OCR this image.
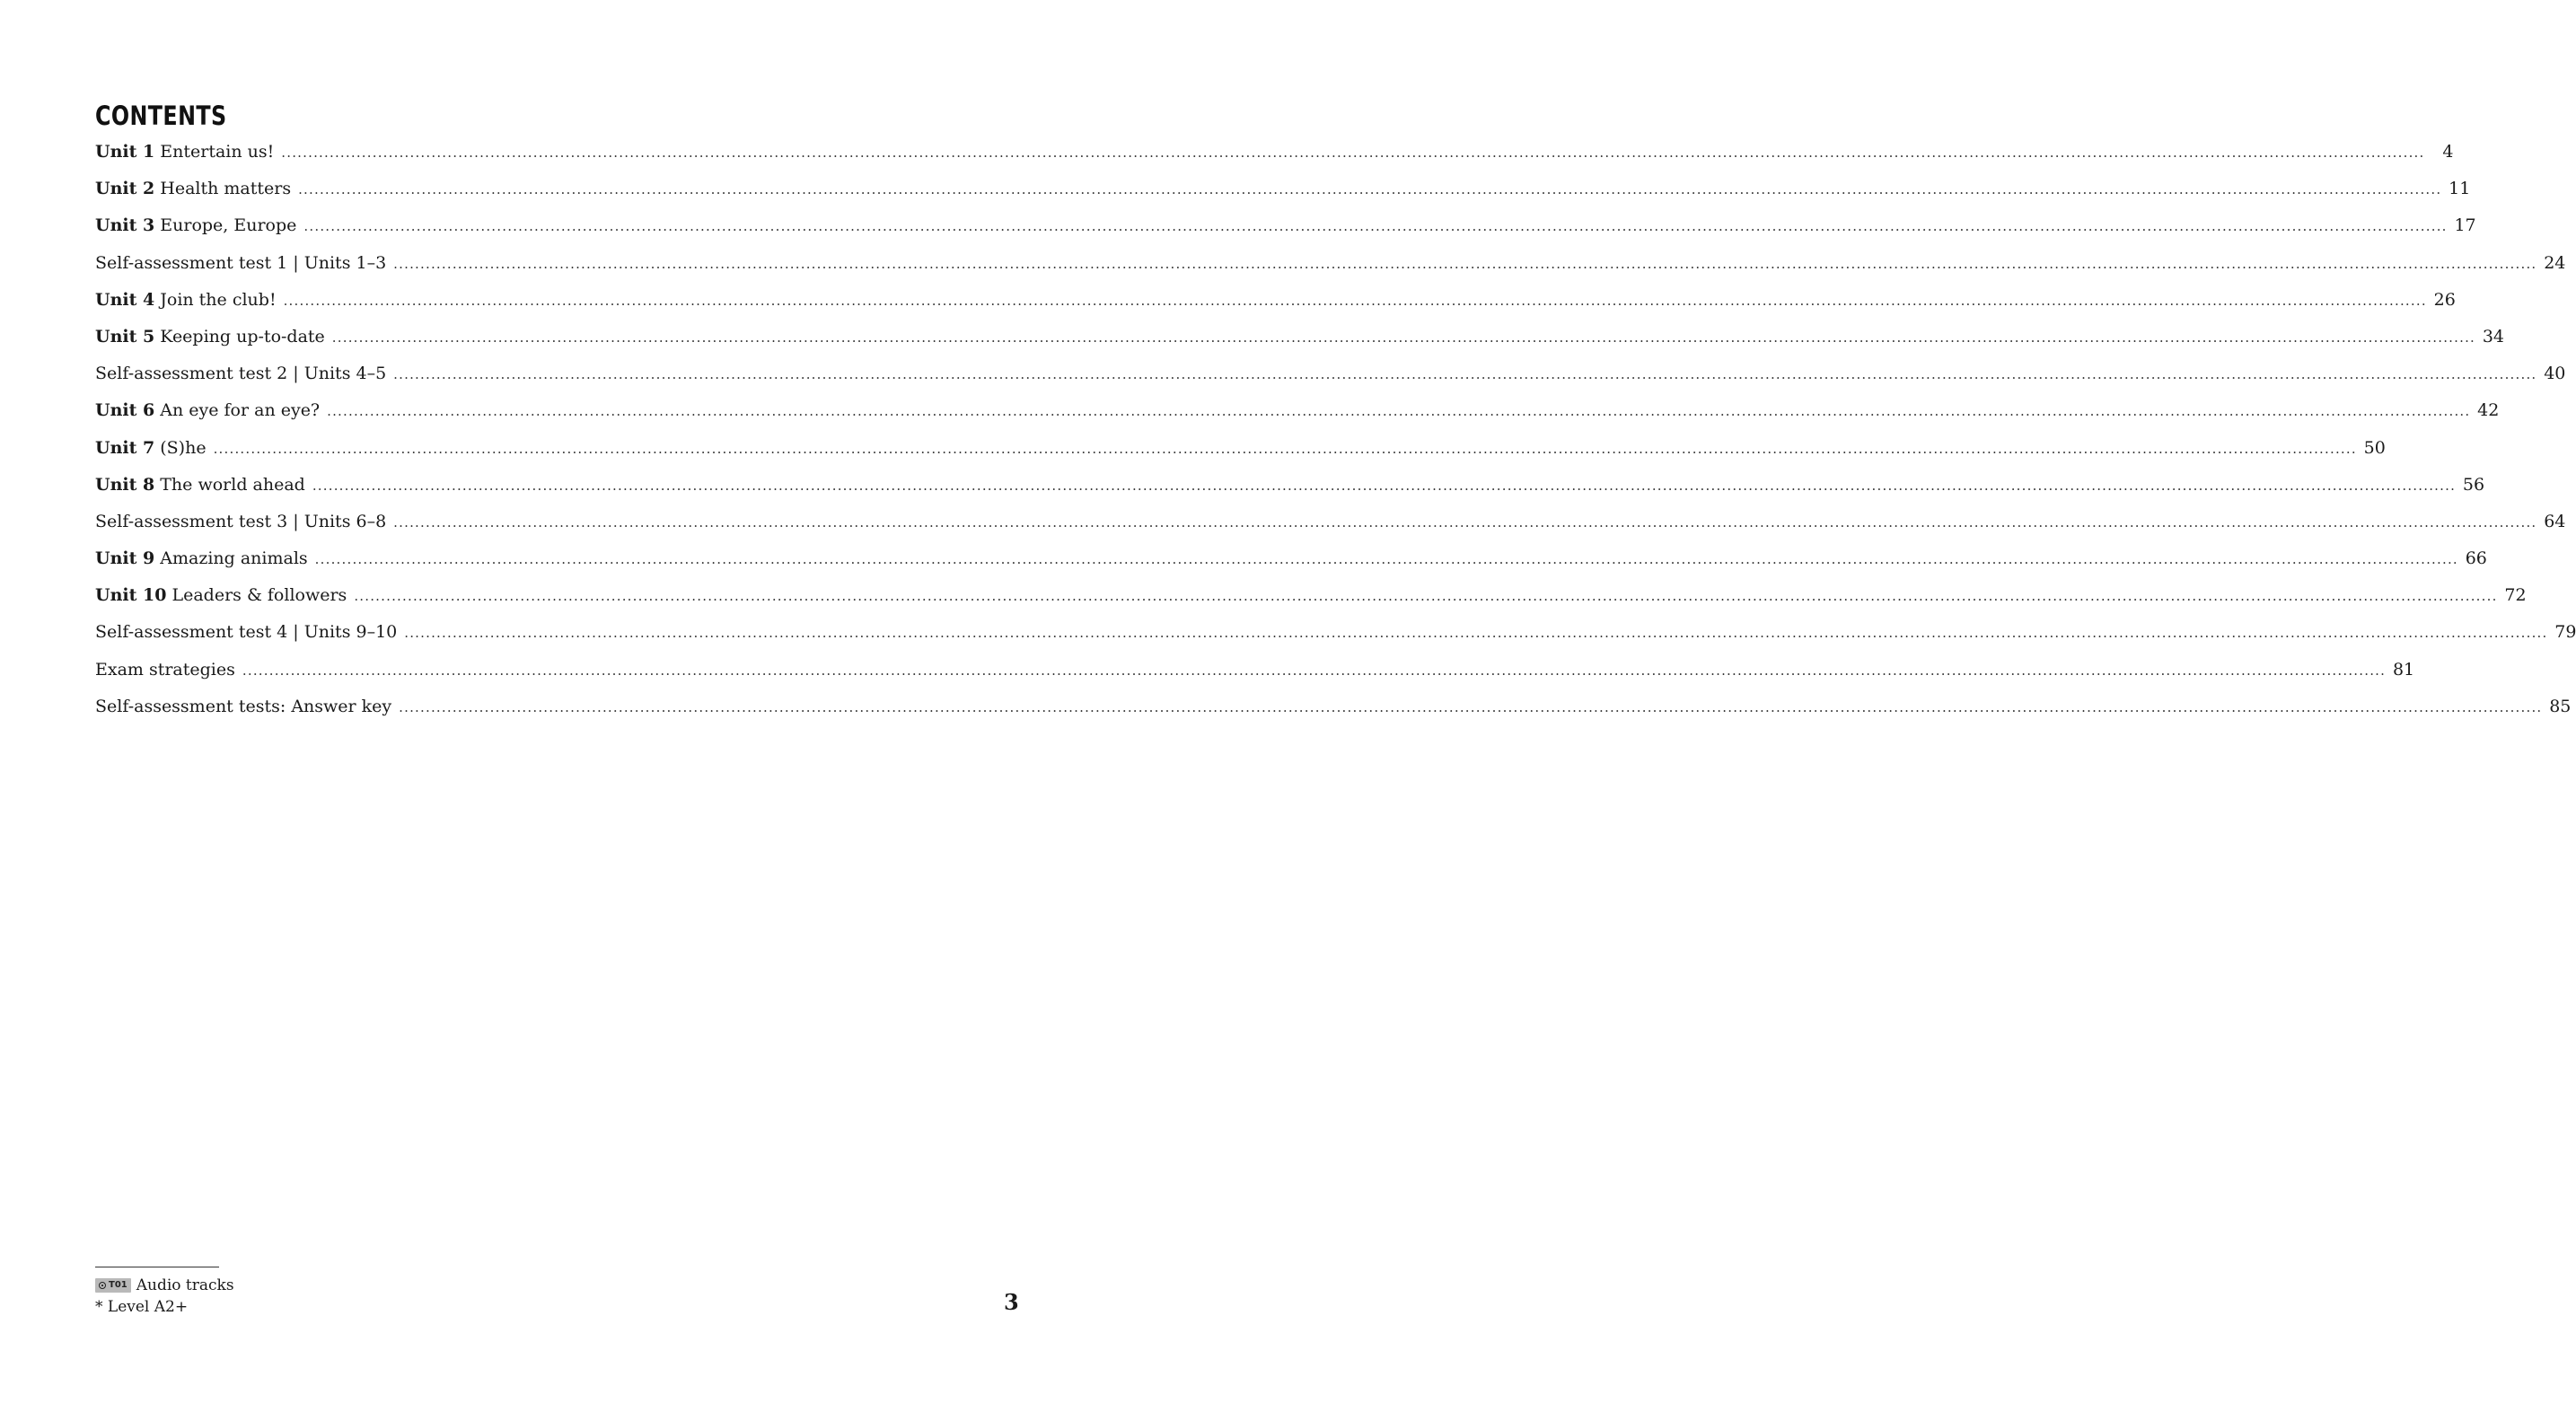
CONTENTS
Unit 1 Entertain us! ................................................................................................................................................................................................................................................................................................................................................................................................................	4
Unit 2 Health matters ................................................................................................................................................................................................................................................................................................................................................................................................................ 11
Unit 3 Europe, Europe ................................................................................................................................................................................................................................................................................................................................................................................................................ 17
Self-assessment test 1 | Units 1–3 ................................................................................................................................................................................................................................................................................................................................................................................................................ 24
Unit 4 Join the club! ................................................................................................................................................................................................................................................................................................................................................................................................................ 26
Unit 5 Keeping up-to-date ................................................................................................................................................................................................................................................................................................................................................................................................................ 34
Self-assessment test 2 | Units 4–5 ................................................................................................................................................................................................................................................................................................................................................................................................................ 40
Unit 6 An eye for an eye? ................................................................................................................................................................................................................................................................................................................................................................................................................ 42
Unit 7 (S)he ................................................................................................................................................................................................................................................................................................................................................................................................................ 50
Unit 8 The world ahead ................................................................................................................................................................................................................................................................................................................................................................................................................ 56
Self-assessment test 3 | Units 6–8 ................................................................................................................................................................................................................................................................................................................................................................................................................ 64
Unit 9 Amazing animals ................................................................................................................................................................................................................................................................................................................................................................................................................ 66
Unit 10 Leaders & followers ................................................................................................................................................................................................................................................................................................................................................................................................................ 72
Self-assessment test 4 | Units 9–10 ................................................................................................................................................................................................................................................................................................................................................................................................................ 79
Exam strategies ................................................................................................................................................................................................................................................................................................................................................................................................................ 81
Self-assessment tests: Answer key ................................................................................................................................................................................................................................................................................................................................................................................................................ 85
T01 Audio tracks
* Level A2+	3
